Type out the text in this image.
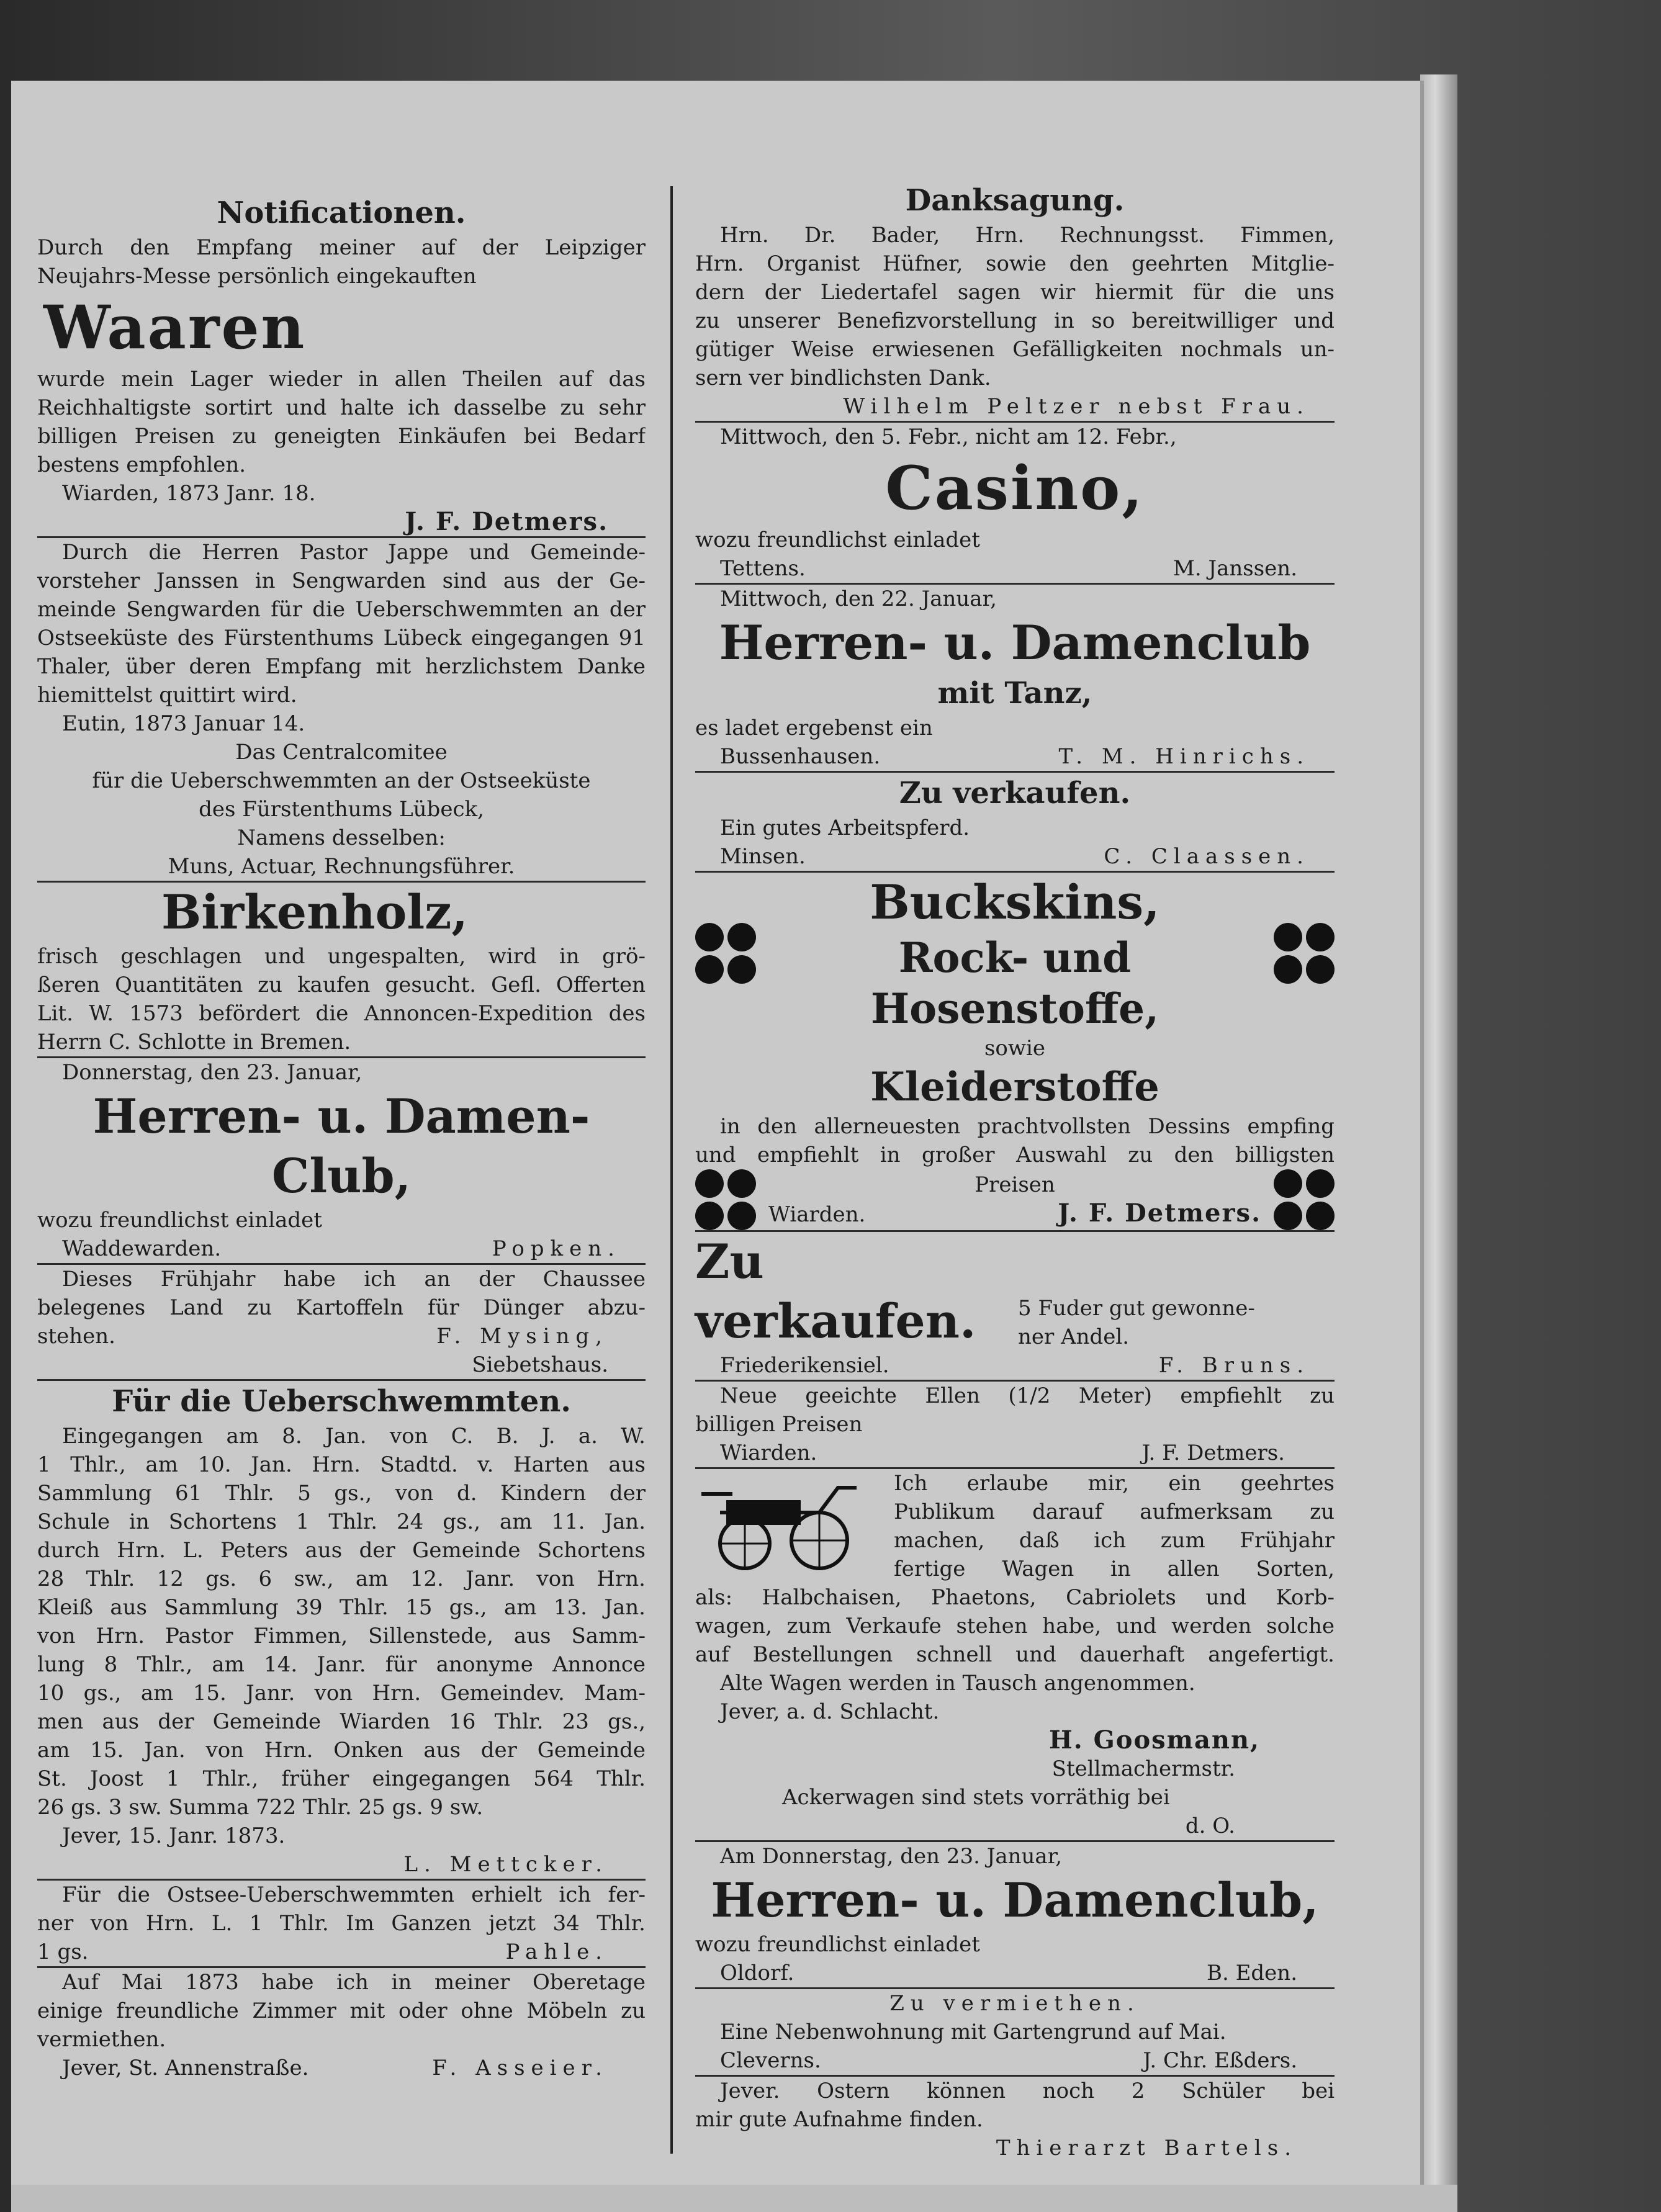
Notificationen.
Durch den Empfang meiner auf der Leipziger
Neujahrs-Messe persönlich eingekauften
Waaren
wurde mein Lager wieder in allen Theilen auf das
Reichhaltigste sortirt und halte ich dasselbe zu sehr
billigen Preisen zu geneigten Einkäufen bei Bedarf
bestens empfohlen.
Wiarden, 1873 Janr. 18.
J. F. Detmers.
Durch die Herren Pastor Jappe und Gemeinde-
vorsteher Janssen in Sengwarden sind aus der Ge-
meinde Sengwarden für die Ueberschwemmten an der
Ostseeküste des Fürstenthums Lübeck eingegangen 91
Thaler, über deren Empfang mit herzlichstem Danke
hiemittelst quittirt wird.
Eutin, 1873 Januar 14.
Das Centralcomitee
für die Ueberschwemmten an der Ostseeküste
des Fürstenthums Lübeck,
Namens desselben:
Muns, Actuar, Rechnungsführer.
Birkenholz,
frisch geschlagen und ungespalten, wird in grö-
ßeren Quantitäten zu kaufen gesucht. Gefl. Offerten
Lit. W. 1573 befördert die Annoncen-Expedition des
Herrn C. Schlotte in Bremen.
Donnerstag, den 23. Januar,
Herren- u. Damen-Club,
wozu freundlichst einladet
Waddewarden.	Popken.
Dieses Frühjahr habe ich an der Chaussee
belegenes Land zu Kartoffeln für Dünger abzu-
stehen.	F. Mysing,
Siebetshaus.
Für die Ueberschwemmten.
Eingegangen am 8. Jan. von C. B. J. a. W.
1 Thlr., am 10. Jan. Hrn. Stadtd. v. Harten aus
Sammlung 61 Thlr. 5 gs., von d. Kindern der
Schule in Schortens 1 Thlr. 24 gs., am 11. Jan.
durch Hrn. L. Peters aus der Gemeinde Schortens
28 Thlr. 12 gs. 6 sw., am 12. Janr. von Hrn.
Kleiß aus Sammlung 39 Thlr. 15 gs., am 13. Jan.
von Hrn. Pastor Fimmen, Sillenstede, aus Samm-
lung 8 Thlr., am 14. Janr. für anonyme Annonce
10 gs., am 15. Janr. von Hrn. Gemeindev. Mam-
men aus der Gemeinde Wiarden 16 Thlr. 23 gs.,
am 15. Jan. von Hrn. Onken aus der Gemeinde
St. Joost 1 Thlr., früher eingegangen 564 Thlr.
26 gs. 3 sw. Summa 722 Thlr. 25 gs. 9 sw.
Jever, 15. Janr. 1873.
L. Mettcker.
Für die Ostsee-Ueberschwemmten erhielt ich fer-
ner von Hrn. L. 1 Thlr. Im Ganzen jetzt 34 Thlr.
1 gs.	Pahle.
Auf Mai 1873 habe ich in meiner Oberetage
einige freundliche Zimmer mit oder ohne Möbeln zu
vermiethen.
Jever, St. Annenstraße.	F. Asseier.
Danksagung.
Hrn. Dr. Bader, Hrn. Rechnungsst. Fimmen,
Hrn. Organist Hüfner, sowie den geehrten Mitglie-
dern der Liedertafel sagen wir hiermit für die uns
zu unserer Benefizvorstellung in so bereitwilliger und
gütiger Weise erwiesenen Gefälligkeiten nochmals un-
sern ver bindlichsten Dank.
Wilhelm Peltzer nebst Frau.
Mittwoch, den 5. Febr., nicht am 12. Febr.,
Casino,
wozu freundlichst einladet
Tettens.	M. Janssen.
Mittwoch, den 22. Januar,
Herren- u. Damenclub
mit Tanz,
es ladet ergebenst ein
Bussenhausen.	T. M. Hinrichs.
Zu verkaufen.
Ein gutes Arbeitspferd.
Minsen.	C. Claassen.
Buckskins,
Rock- und Hosenstoffe,
sowie
Kleiderstoffe
in den allerneuesten prachtvollsten Dessins empfing
und empfiehlt in großer Auswahl zu den billigsten
Preisen
Wiarden.	J. F. Detmers.
Zu verkaufen.	5 Fuder gut gewonne-
ner Andel.
Friederikensiel.	F. Bruns.
Neue geeichte Ellen (1/2 Meter) empfiehlt zu
billigen Preisen
Wiarden.	J. F. Detmers.
Ich erlaube mir, ein geehrtes
Publikum darauf aufmerksam zu
machen, daß ich zum Frühjahr
fertige Wagen in allen Sorten,
als: Halbchaisen, Phaetons, Cabriolets und Korb-
wagen, zum Verkaufe stehen habe, und werden solche
auf Bestellungen schnell und dauerhaft angefertigt.
Alte Wagen werden in Tausch angenommen.
Jever, a. d. Schlacht.
H. Goosmann,
Stellmachermstr.
Ackerwagen sind stets vorräthig bei
d. O.
Am Donnerstag, den 23. Januar,
Herren- u. Damenclub,
wozu freundlichst einladet
Oldorf.	B. Eden.
Zu vermiethen.
Eine Nebenwohnung mit Gartengrund auf Mai.
Cleverns.	J. Chr. Eßders.
Jever. Ostern können noch 2 Schüler bei
mir gute Aufnahme finden.
Thierarzt Bartels.
